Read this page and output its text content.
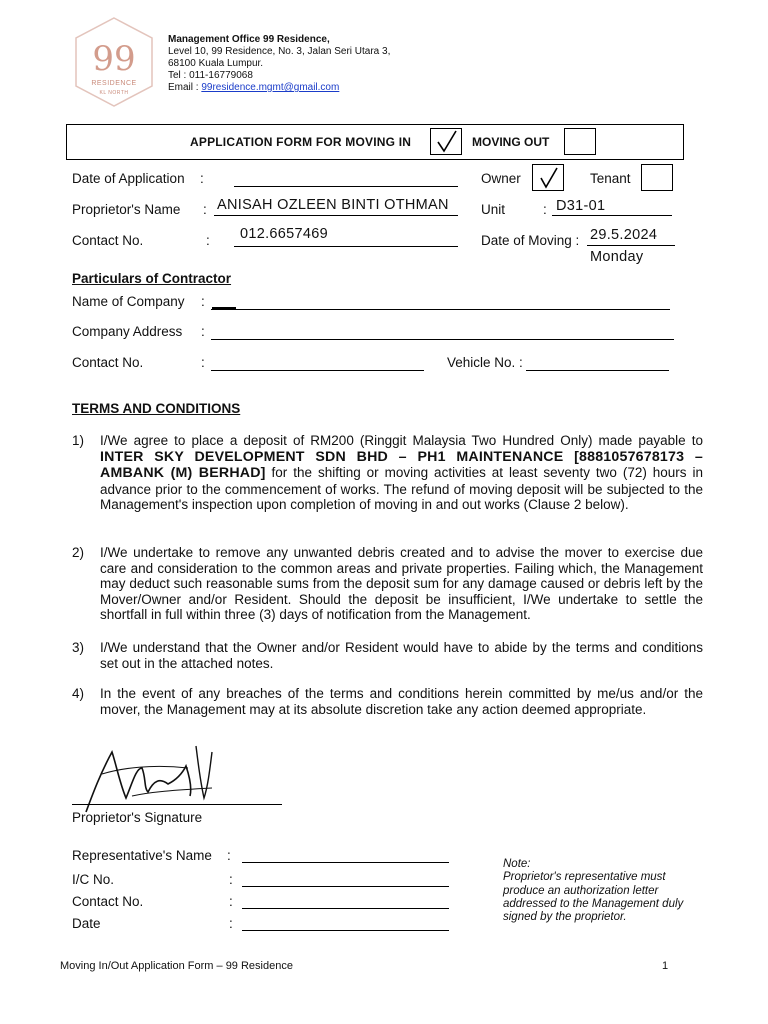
99
RESIDENCE
KL NORTH
Management Office 99 Residence,
Level 10, 99 Residence, No. 3, Jalan Seri Utara 3,
68100 Kuala Lumpur.
Tel : 011-16779068
Email : 99residence.mgmt@gmail.com
APPLICATION FORM FOR MOVING IN	MOVING OUT
Date of Application :	Owner	Tenant
Proprietor's Name : ANISAH OZLEEN BINTI OTHMAN Unit	: D31-01
Contact No.	: 012.6657469	Date of Moving : 29.5.2024
Monday
Particulars of Contractor
Name of Company :
Company Address :
Contact No.	:	Vehicle No. :
TERMS AND CONDITIONS
1) I/We agree to place a deposit of RM200 (Ringgit Malaysia Two Hundred Only) made payable to INTER SKY DEVELOPMENT SDN BHD – PH1 MAINTENANCE [8881057678173 – AMBANK (M) BERHAD] for the shifting or moving activities at least seventy two (72) hours in advance prior to the commencement of works. The refund of moving deposit will be subjected to the Management's inspection upon completion of moving in and out works (Clause 2 below).
2) I/We undertake to remove any unwanted debris created and to advise the mover to exercise due care and consideration to the common areas and private properties. Failing which, the Management may deduct such reasonable sums from the deposit sum for any damage caused or debris left by the Mover/Owner and/or Resident. Should the deposit be insufficient, I/We undertake to settle the shortfall in full within three (3) days of notification from the Management.
3) I/We understand that the Owner and/or Resident would have to abide by the terms and conditions set out in the attached notes.
4) In the event of any breaches of the terms and conditions herein committed by me/us and/or the mover, the Management may at its absolute discretion take any action deemed appropriate.
Proprietor's Signature
Representative's Name :
I/C No.	:
Contact No.	:
Date	:
Note:
Proprietor's representative must produce an authorization letter addressed to the Management duly signed by the proprietor.
Moving In/Out Application Form – 99 Residence	1
